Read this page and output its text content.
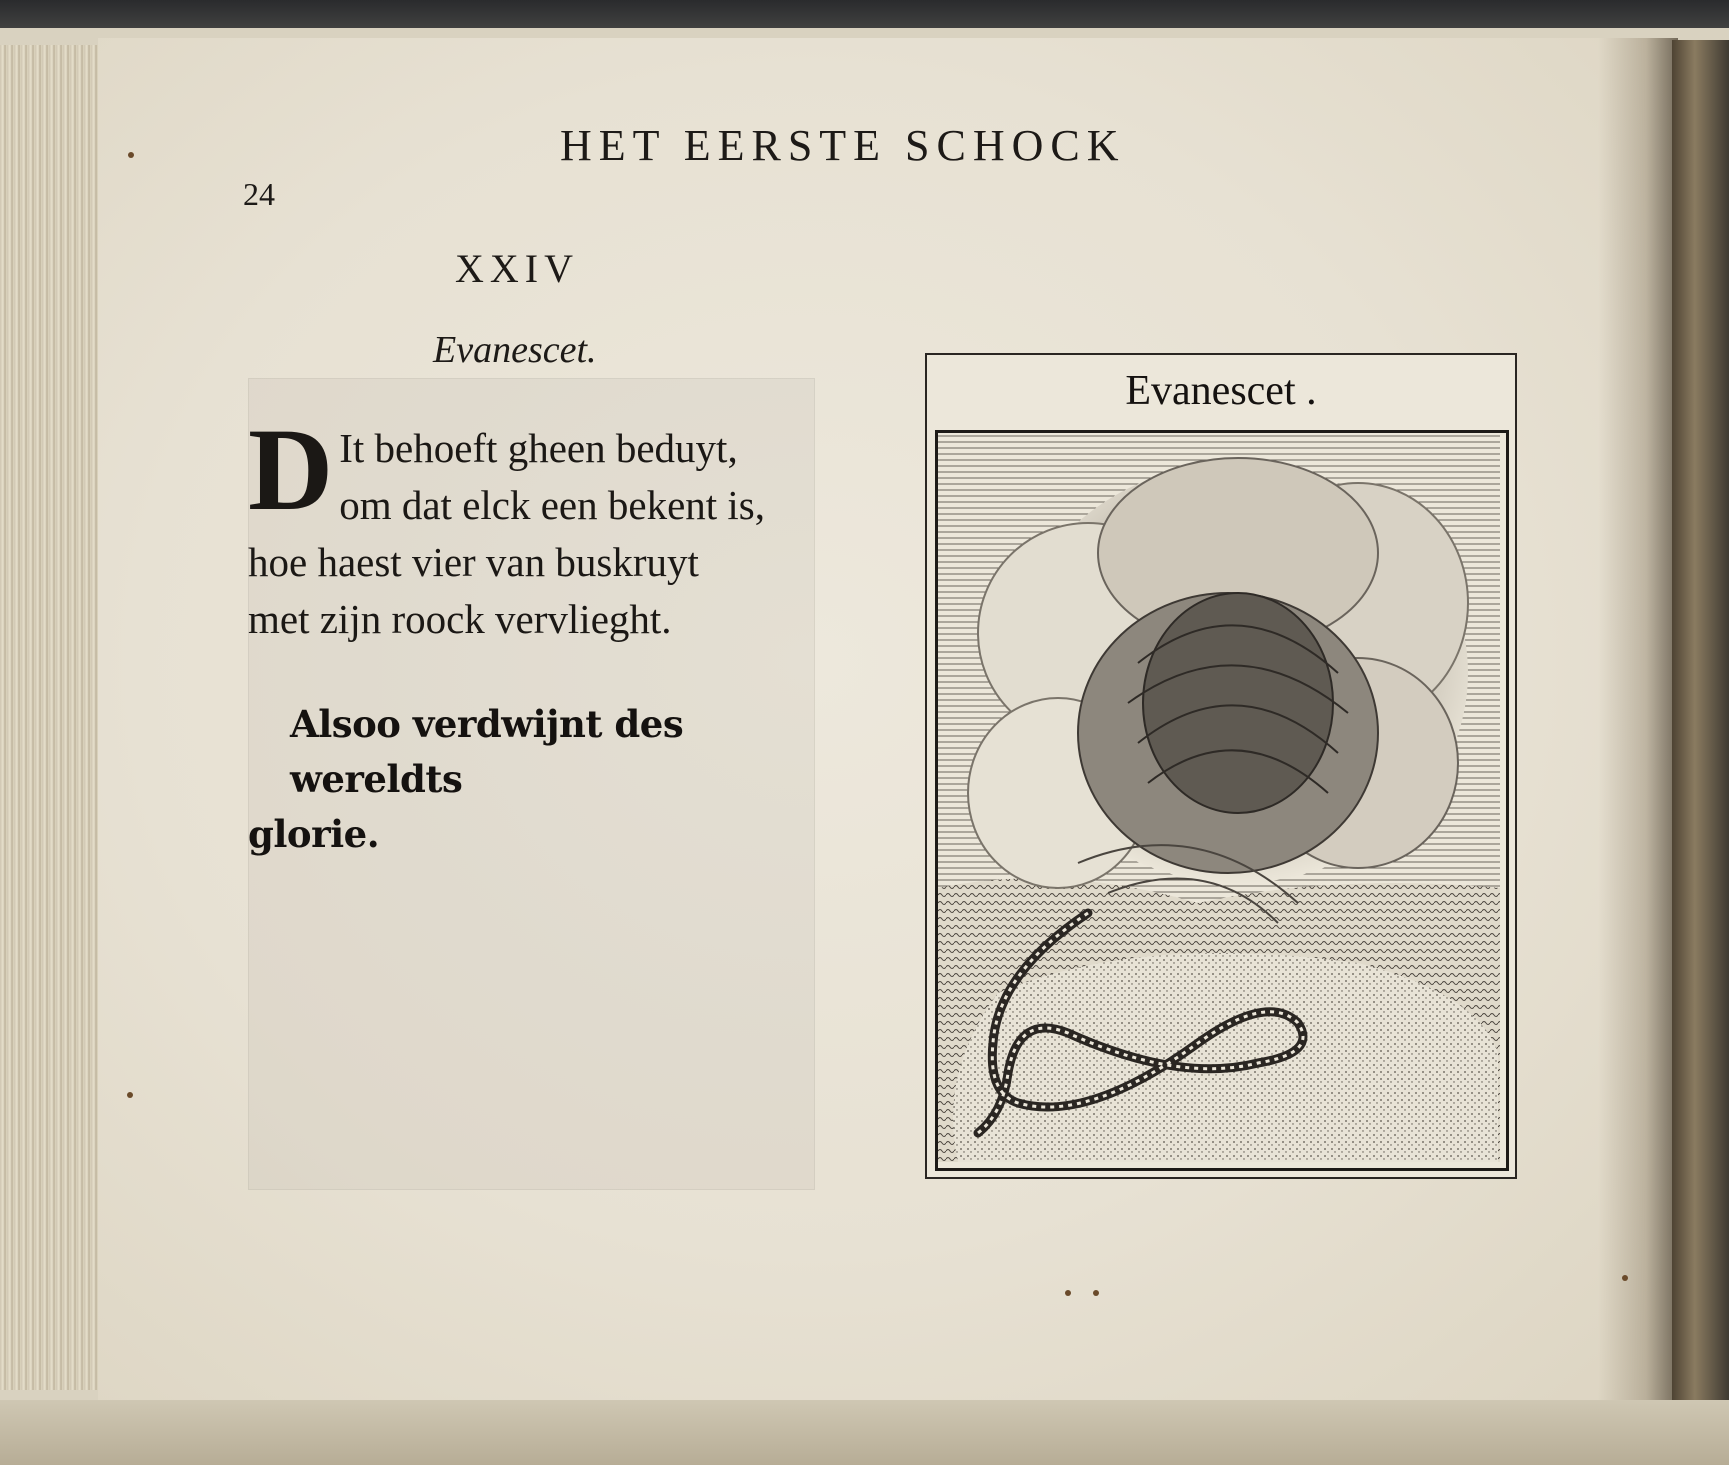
HET EERSTE SCHOCK
24
XXIV
Evanescet.
D It behoeft gheen beduyt,
om dat elck een bekent is,
hoe haest vier van buskruyt
met zijn roock vervlieght.
Alsoo verdwijnt des wereldts
glorie.
Evanescet .
